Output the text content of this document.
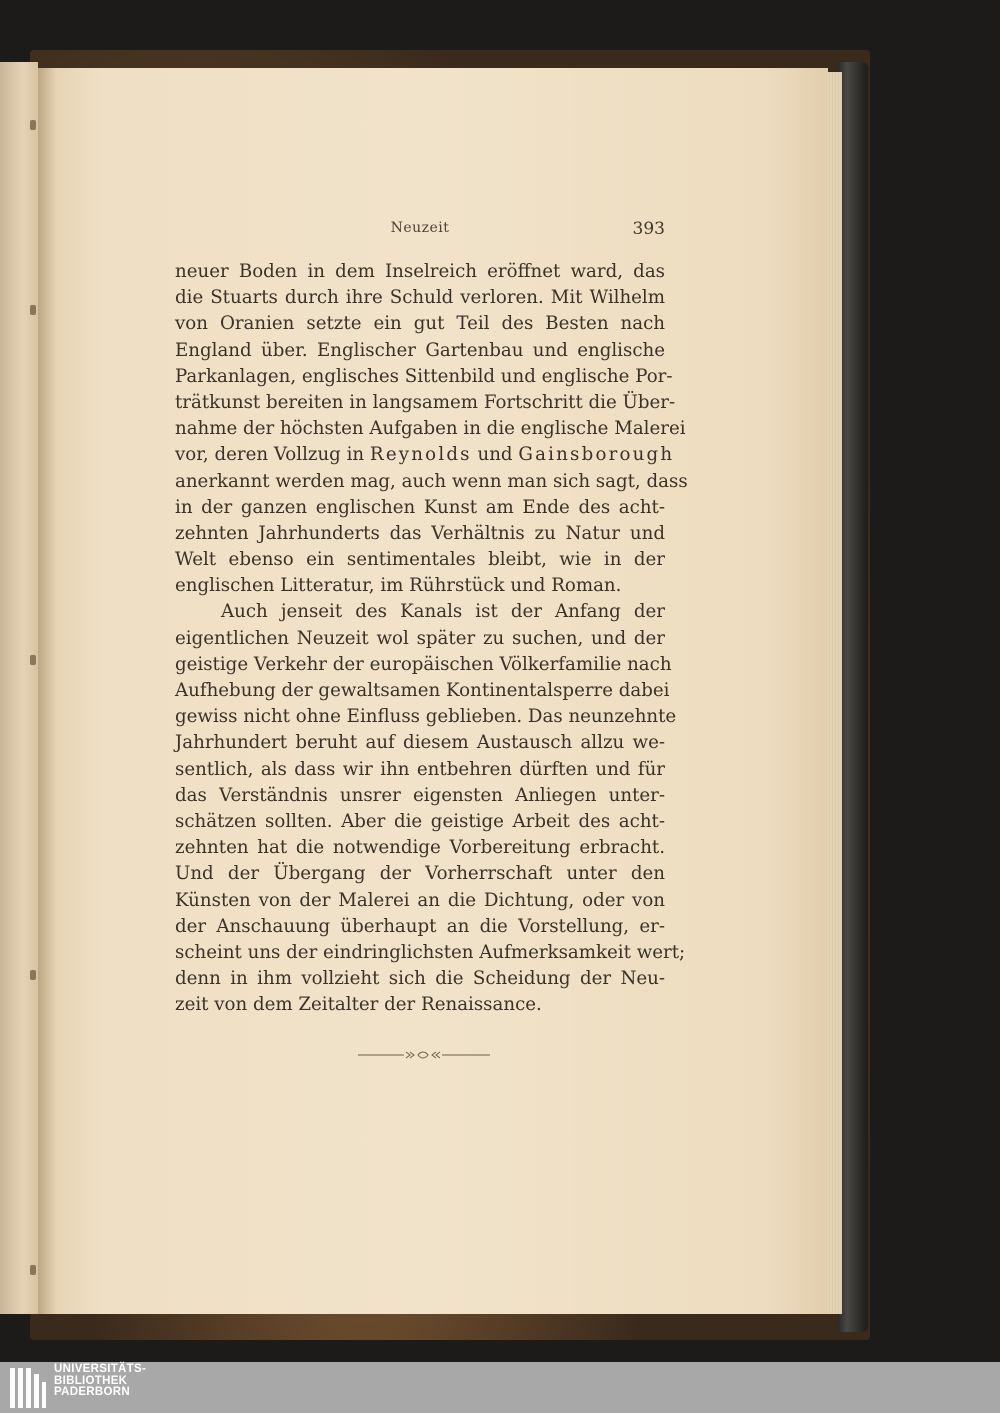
Neuzeit	393
neuer Boden in dem Inselreich eröffnet ward, das
die Stuarts durch ihre Schuld verloren. Mit Wilhelm
von Oranien setzte ein gut Teil des Besten nach
England über. Englischer Gartenbau und englische
Parkanlagen, englisches Sittenbild und englische Por-
trätkunst bereiten in langsamem Fortschritt die Über-
nahme der höchsten Aufgaben in die englische Malerei
vor, deren Vollzug in Reynolds und Gainsborough
anerkannt werden mag, auch wenn man sich sagt, dass
in der ganzen englischen Kunst am Ende des acht-
zehnten Jahrhunderts das Verhältnis zu Natur und
Welt ebenso ein sentimentales bleibt, wie in der
englischen Litteratur, im Rührstück und Roman.
Auch jenseit des Kanals ist der Anfang der
eigentlichen Neuzeit wol später zu suchen, und der
geistige Verkehr der europäischen Völkerfamilie nach
Aufhebung der gewaltsamen Kontinentalsperre dabei
gewiss nicht ohne Einfluss geblieben. Das neunzehnte
Jahrhundert beruht auf diesem Austausch allzu we-
sentlich, als dass wir ihn entbehren dürften und für
das Verständnis unsrer eigensten Anliegen unter-
schätzen sollten. Aber die geistige Arbeit des acht-
zehnten hat die notwendige Vorbereitung erbracht.
Und der Übergang der Vorherrschaft unter den
Künsten von der Malerei an die Dichtung, oder von
der Anschauung überhaupt an die Vorstellung, er-
scheint uns der eindringlichsten Aufmerksamkeit wert;
denn in ihm vollzieht sich die Scheidung der Neu-
zeit von dem Zeitalter der Renaissance.
UNIVERSITÄTS-
BIBLIOTHEK
PADERBORN
